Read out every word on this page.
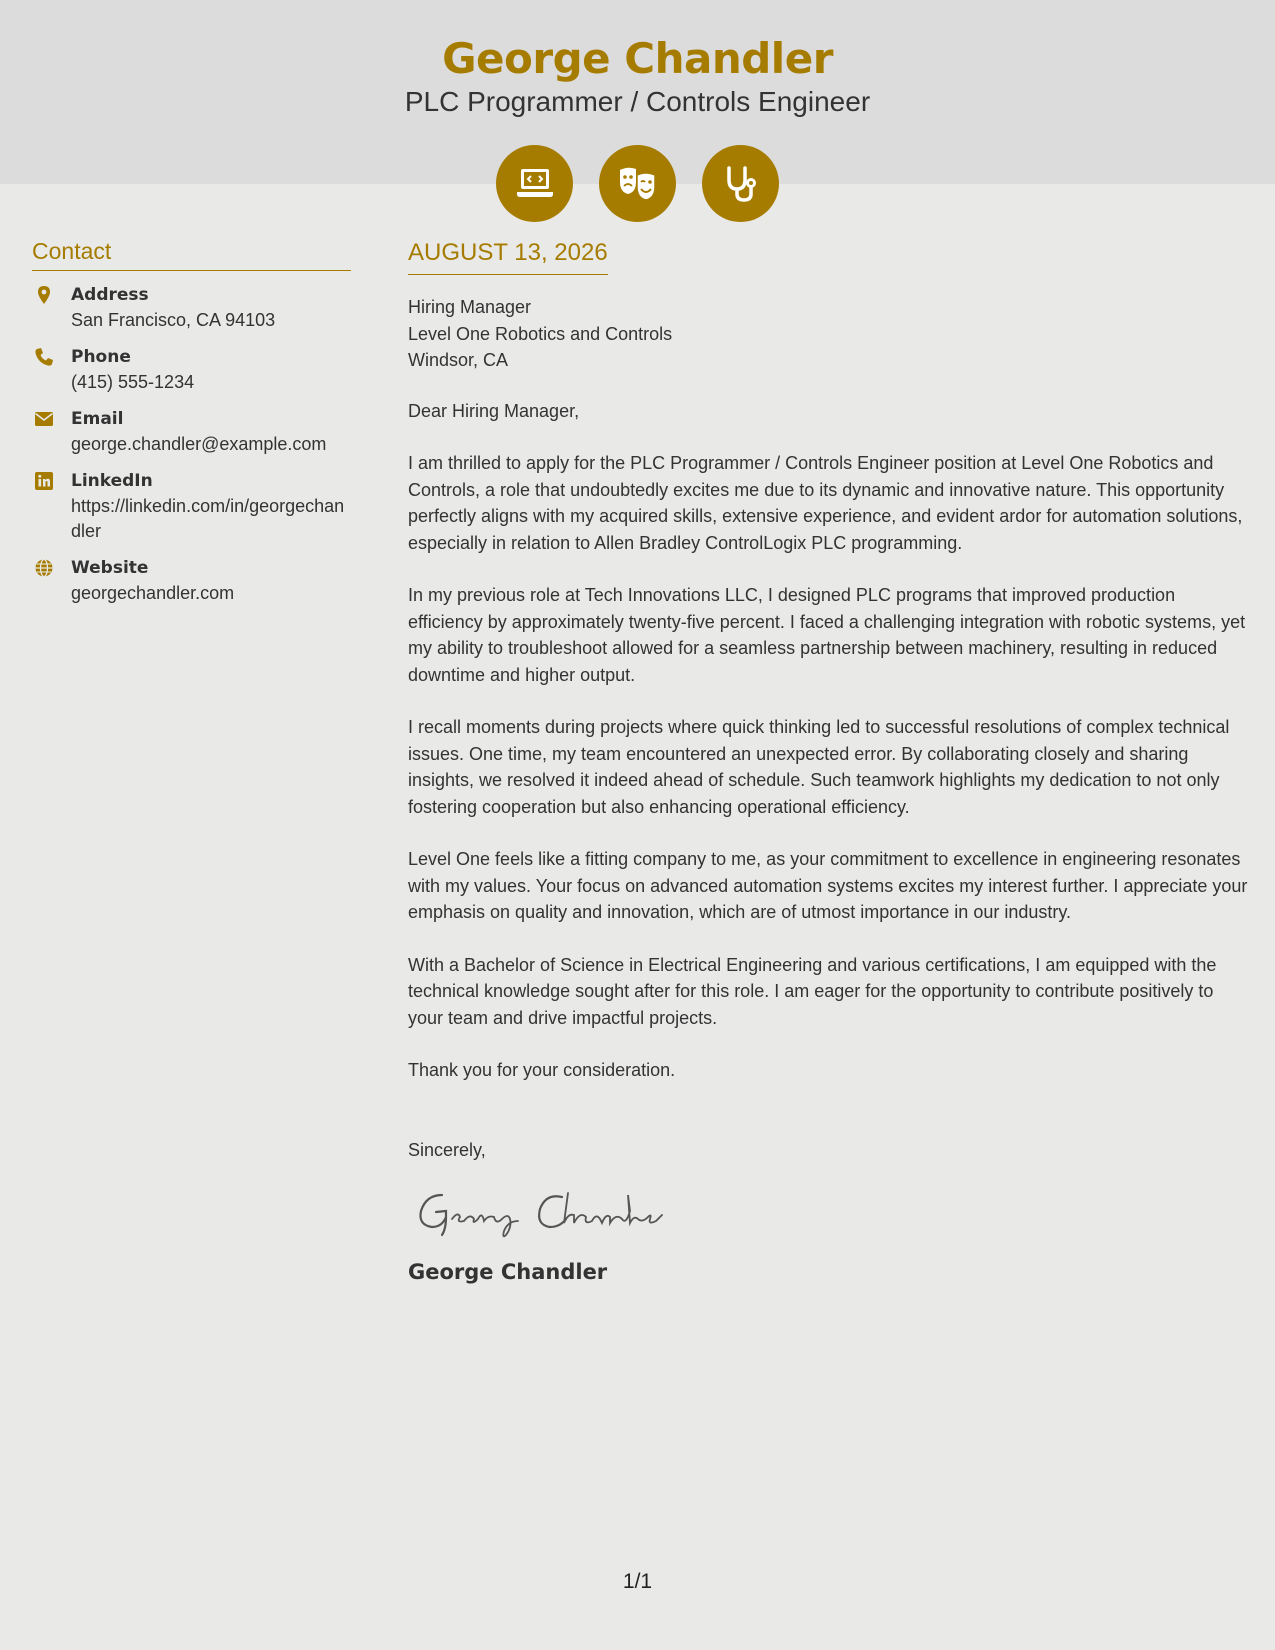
George Chandler
PLC Programmer / Controls Engineer
Contact
Address
San Francisco, CA 94103
Phone
(415) 555-1234
Email
george.chandler@example.com
LinkedIn
https://linkedin.com/in/georgechandler
Website
georgechandler.com
AUGUST 13, 2026
Hiring Manager
Level One Robotics and Controls
Windsor, CA
Dear Hiring Manager,
I am thrilled to apply for the PLC Programmer / Controls Engineer position at Level One Robotics and Controls, a role that undoubtedly excites me due to its dynamic and innovative nature. This opportunity perfectly aligns with my acquired skills, extensive experience, and evident ardor for automation solutions, especially in relation to Allen Bradley ControlLogix PLC programming.
In my previous role at Tech Innovations LLC, I designed PLC programs that improved production efficiency by approximately twenty-five percent. I faced a challenging integration with robotic systems, yet my ability to troubleshoot allowed for a seamless partnership between machinery, resulting in reduced downtime and higher output.
I recall moments during projects where quick thinking led to successful resolutions of complex technical issues. One time, my team encountered an unexpected error. By collaborating closely and sharing insights, we resolved it indeed ahead of schedule. Such teamwork highlights my dedication to not only fostering cooperation but also enhancing operational efficiency.
Level One feels like a fitting company to me, as your commitment to excellence in engineering resonates with my values. Your focus on advanced automation systems excites my interest further. I appreciate your emphasis on quality and innovation, which are of utmost importance in our industry.
With a Bachelor of Science in Electrical Engineering and various certifications, I am equipped with the technical knowledge sought after for this role. I am eager for the opportunity to contribute positively to your team and drive impactful projects.
Thank you for your consideration.
Sincerely,
George Chandler
1/1
